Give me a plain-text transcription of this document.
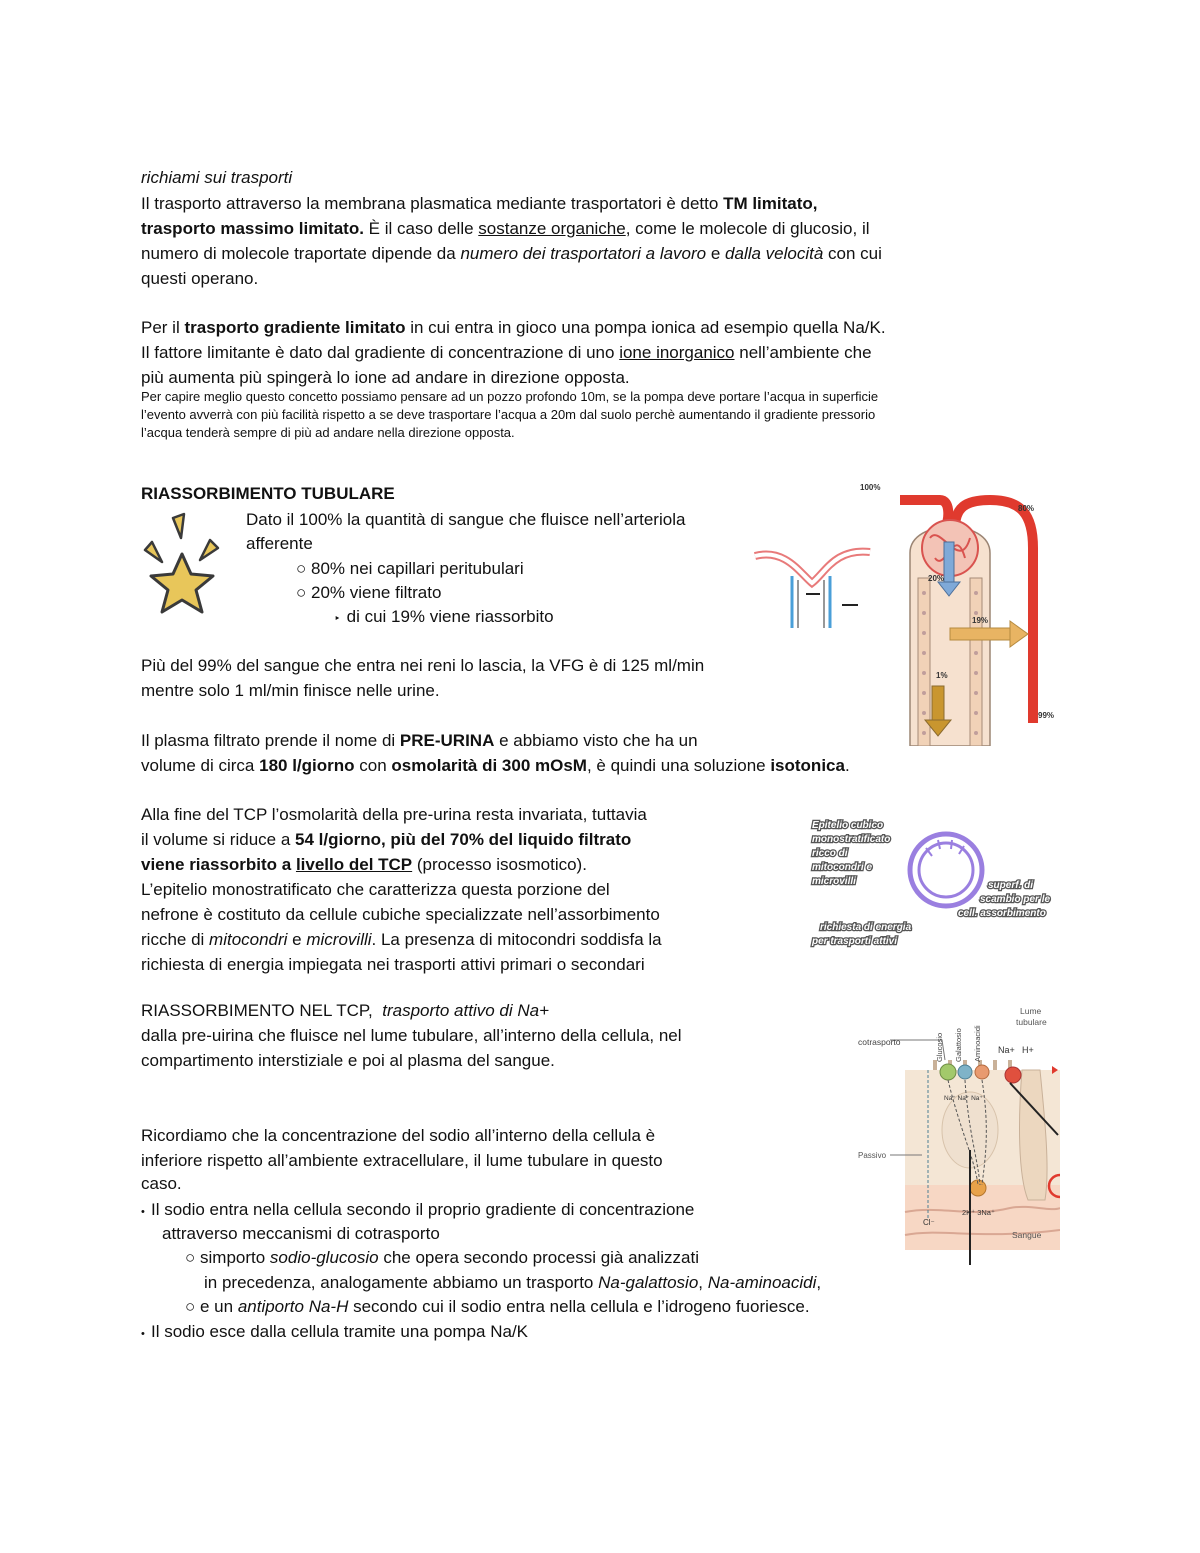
richiami sui trasporti
Il trasporto attraverso la membrana plasmatica mediante trasportatori è detto TM limitato,
trasporto massimo limitato. È il caso delle sostanze organiche, come le molecole di glucosio, il
numero di molecole traportate dipende da numero dei trasportatori a lavoro e dalla velocità con cui
questi operano.
Per il trasporto gradiente limitato in cui entra in gioco una pompa ionica ad esempio quella Na/K.
Il fattore limitante è dato dal gradiente di concentrazione di uno ione inorganico nell’ambiente che
più aumenta più spingerà lo ione ad andare in direzione opposta.
Per capire meglio questo concetto possiamo pensare ad un pozzo profondo 10m, se la pompa deve portare l’acqua in superficie
l’evento avverrà con più facilità rispetto a se deve trasportare l’acqua a 20m dal suolo perchè aumentando il gradiente pressorio
l’acqua tenderà sempre di più ad andare nella direzione opposta.
RIASSORBIMENTO TUBULARE
Dato il 100% la quantità di sangue che fluisce nell’arteriola
afferente
○ 80% nei capillari peritubulari
○ 20% viene filtrato
‣  di cui 19% viene riassorbito
Più del 99% del sangue che entra nei reni lo lascia, la VFG è di 125 ml/min
mentre solo 1 ml/min finisce nelle urine.
Il plasma filtrato prende il nome di PRE-URINA e abbiamo visto che ha un
volume di circa 180 l/giorno con osmolarità di 300 mOsM, è quindi una soluzione isotonica.
Alla fine del TCP l’osmolarità della pre-urina resta invariata, tuttavia
il volume si riduce a 54 l/giorno, più del 70% del liquido filtrato
viene riassorbito a livello del TCP (processo isosmotico).
L’epitelio monostratificato che caratterizza questa porzione del
nefrone è costituto da cellule cubiche specializzate nell’assorbimento
ricche di mitocondri e microvilli. La presenza di mitocondri soddisfa la
richiesta di energia impiegata nei trasporti attivi primari o secondari
100%
80%
20%
19%
1%
99%
Epitelio cubico
monostratificato
ricco di
mitocondri e
microvilli	superf. di
scambio per le
cell. assorbimento
richiesta di energia
per trasporti attivi
RIASSORBIMENTO NEL TCP, trasporto attivo di Na+
dalla pre-uirina che fluisce nel lume tubulare, all’interno della cellula, nel
compartimento interstiziale e poi al plasma del sangue.
Ricordiamo che la concentrazione del sodio all’interno della cellula è
inferiore rispetto all’ambiente extracellulare, il lume tubulare in questo
caso.
•  Il sodio entra nella cellula secondo il proprio gradiente di concentrazione
attraverso meccanismi di cotrasporto
○ simporto sodio-glucosio che opera secondo processi già analizzati
in precedenza, analogamente abbiamo un trasporto Na-galattosio, Na-aminoacidi,
○ e un antiporto Na-H secondo cui il sodio entra nella cellula e l’idrogeno fuoriesce.
•  Il sodio esce dalla cellula tramite una pompa Na/K
Lume
tubulare
cotrasporto	Glucosio Galattosio Aminoacidi Na+ H+
Na⁺ Na⁺ Na⁺
Passivo
Cl⁻
2K⁺ 3Na⁺
Sangue
